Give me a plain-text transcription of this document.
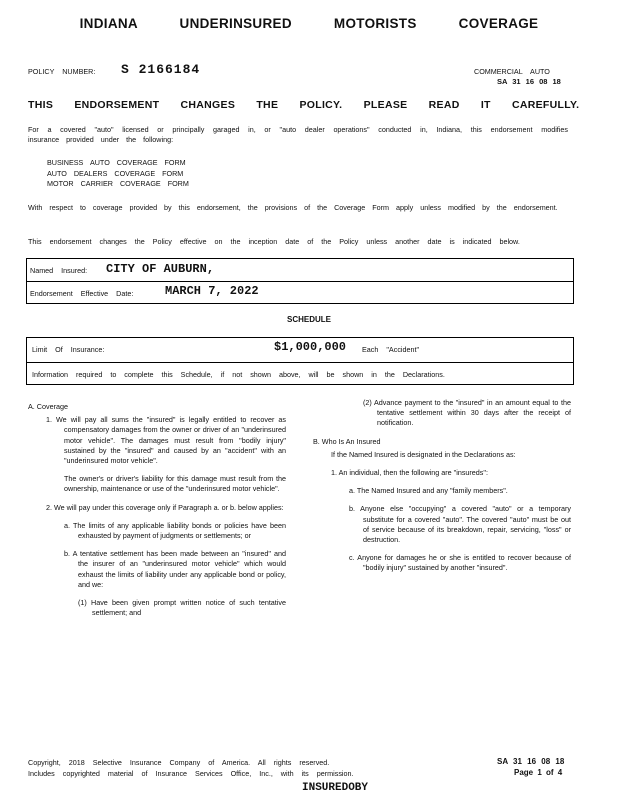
INDIANA UNDERINSURED MOTORISTS COVERAGE
POLICY NUMBER: S 2166184	COMMERCIAL AUTO
SA 31 16 08 18
THIS ENDORSEMENT CHANGES THE POLICY. PLEASE READ IT CAREFULLY.
For a covered "auto" licensed or principally garaged in, or "auto dealer operations" conducted in, Indiana, this endorsement modifies insurance provided under the following:
BUSINESS AUTO COVERAGE FORM
AUTO DEALERS COVERAGE FORM
MOTOR CARRIER COVERAGE FORM
With respect to coverage provided by this endorsement, the provisions of the Coverage Form apply unless modified by the endorsement.
This endorsement changes the Policy effective on the inception date of the Policy unless another date is indicated below.
Named Insured: CITY OF AUBURN,
Endorsement Effective Date:	MARCH 7, 2022
SCHEDULE
Limit Of Insurance:	$1,000,000 Each "Accident"
Information required to complete this Schedule, if not shown above, will be shown in the Declarations.
A. Coverage
1. We will pay all sums the "insured" is legally entitled to recover as compensatory damages from the owner or driver of an "underinsured motor vehicle". The damages must result from "bodily injury" sustained by the "insured" and caused by an "accident" with an "underinsured motor vehicle".
The owner's or driver's liability for this damage must result from the ownership, maintenance or use of the "underinsured motor vehicle".
2. We will pay under this coverage only if Paragraph a. or b. below applies:
a. The limits of any applicable liability bonds or policies have been exhausted by payment of judgments or settlements; or
b. A tentative settlement has been made between an "insured" and the insurer of an "underinsured motor vehicle" which would exhaust the limits of liability under any applicable bond or policy, and we:
(1) Have been given prompt written notice of such tentative settlement; and
(2) Advance payment to the "insured" in an amount equal to the tentative settlement within 30 days after the receipt of notification.
B. Who Is An Insured
If the Named Insured is designated in the Declarations as:
1. An individual, then the following are "insureds":
a. The Named Insured and any "family members".
b. Anyone else "occupying" a covered "auto" or a temporary substitute for a covered "auto". The covered "auto" must be out of service because of its breakdown, repair, servicing, "loss" or destruction.
c. Anyone for damages he or she is entitled to recover because of "bodily injury" sustained by another "insured".
Copyright, 2018 Selective Insurance Company of America. All rights reserved.
Includes copyrighted material of Insurance Services Office, Inc., with its permission.
SA 31 16 08 18
Page 1 of 4
INSUREDOBY
